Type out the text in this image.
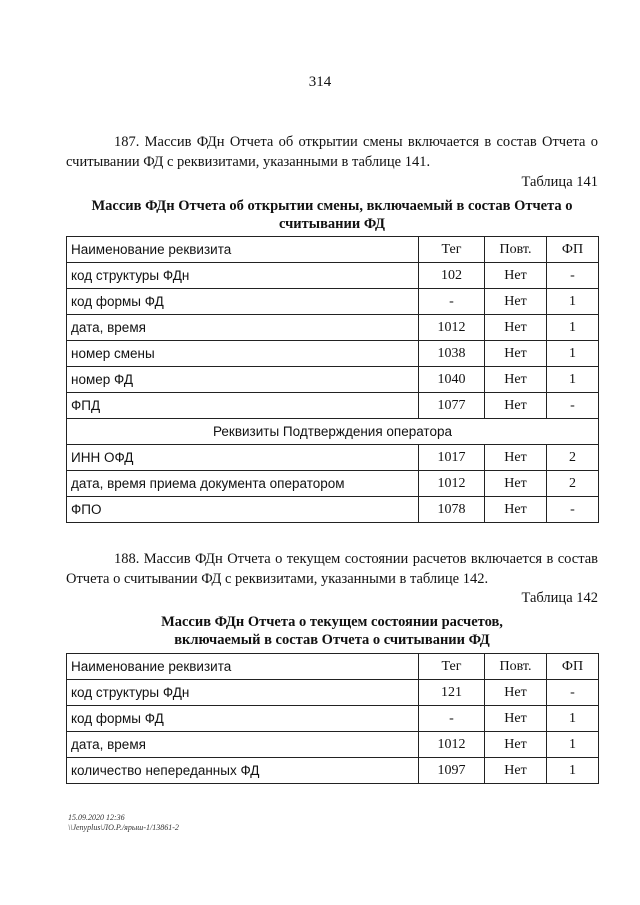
314

187. Массив ФДн Отчета об открытии смены включается в состав Отчета о считывании ФД с реквизитами, указанными в таблице 141.

Таблица 141
Массив ФДн Отчета об открытии смены, включаемый в состав Отчета о считывании ФД
Наименование реквизита	Тег	Повт.	ФП
код структуры ФДн	102	Нет	-
код формы ФД	-	Нет	1
дата, время	1012	Нет	1
номер смены	1038	Нет	1
номер ФД	1040	Нет	1
ФПД	1077	Нет	-
Реквизиты Подтверждения оператора			
ИНН ОФД	1017	Нет	2
дата, время приема документа оператором	1012	Нет	2
ФПО	1078	Нет	-

188. Массив ФДн Отчета о текущем состоянии расчетов включается в состав Отчета о считывании ФД с реквизитами, указанными в таблице 142.

Таблица 142
Массив ФДн Отчета о текущем состоянии расчетов,
включаемый в состав Отчета о считывании ФД
Наименование реквизита	Тег	Повт.	ФП
код структуры ФДн	121	Нет	-
код формы ФД	-	Нет	1
дата, время	1012	Нет	1
количество непереданных ФД	1097	Нет	1
15.09.2020 12:36
\\Jenyplus\ЛО.Р./ярыш-1/13861-2
